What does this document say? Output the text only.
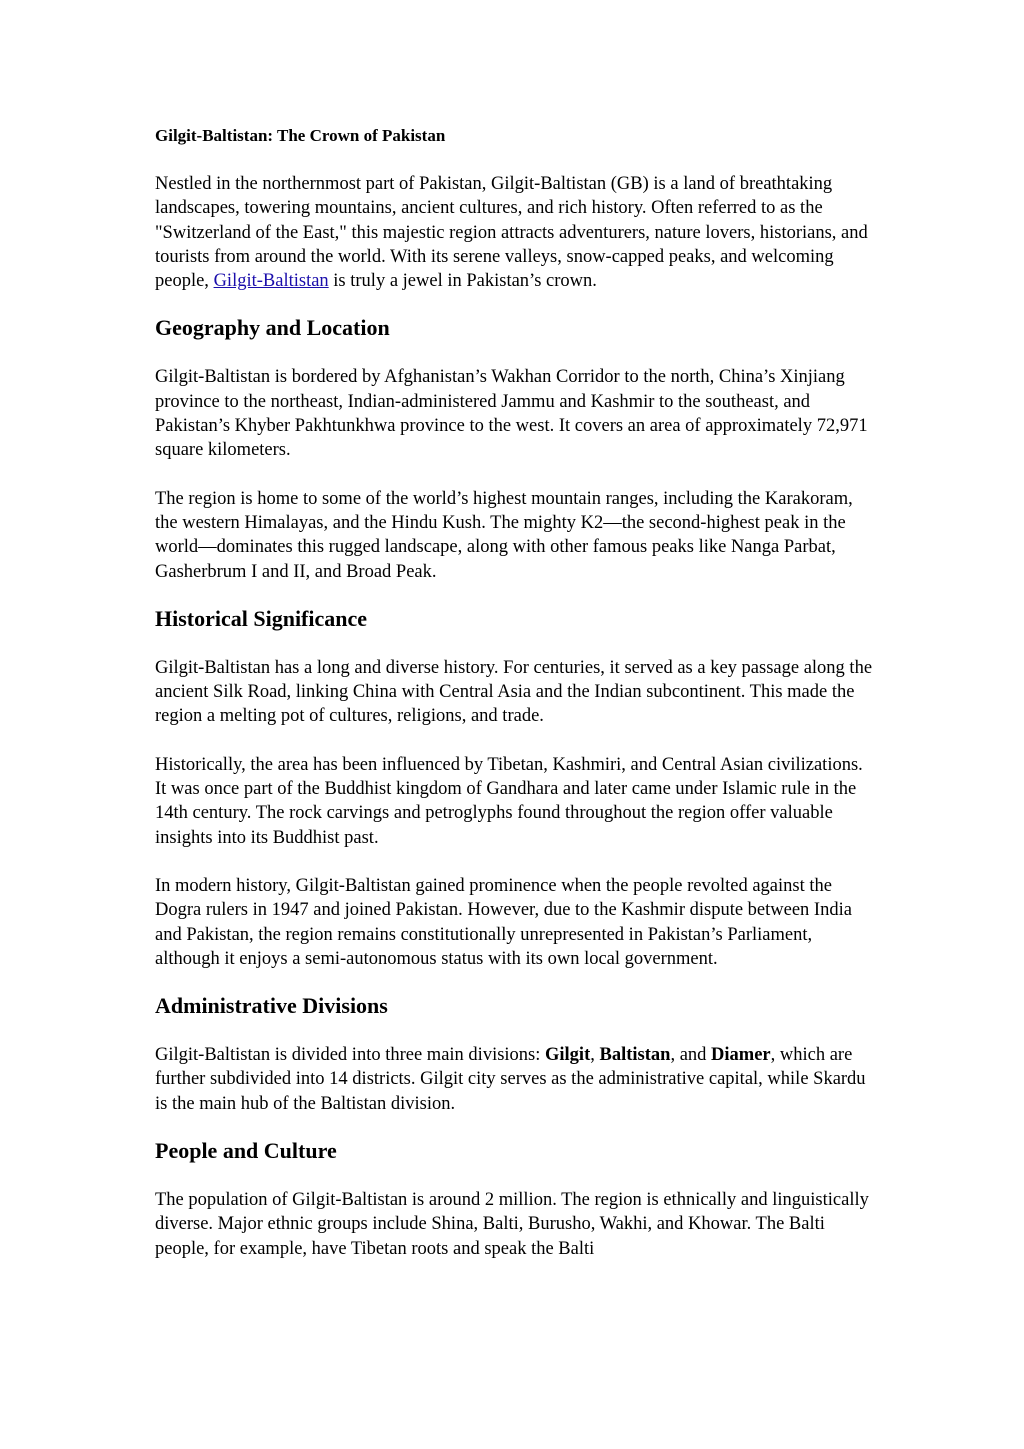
Gilgit-Baltistan: The Crown of Pakistan

Nestled in the northernmost part of Pakistan, Gilgit-Baltistan (GB) is a land of breathtaking landscapes, towering mountains, ancient cultures, and rich history. Often referred to as the "Switzerland of the East," this majestic region attracts adventurers, nature lovers, historians, and tourists from around the world. With its serene valleys, snow-capped peaks, and welcoming people, Gilgit-Baltistan is truly a jewel in Pakistan’s crown.

Geography and Location

Gilgit-Baltistan is bordered by Afghanistan’s Wakhan Corridor to the north, China’s Xinjiang province to the northeast, Indian-administered Jammu and Kashmir to the southeast, and Pakistan’s Khyber Pakhtunkhwa province to the west. It covers an area of approximately 72,971 square kilometers.

The region is home to some of the world’s highest mountain ranges, including the Karakoram, the western Himalayas, and the Hindu Kush. The mighty K2—the second-highest peak in the world—dominates this rugged landscape, along with other famous peaks like Nanga Parbat, Gasherbrum I and II, and Broad Peak.

Historical Significance

Gilgit-Baltistan has a long and diverse history. For centuries, it served as a key passage along the ancient Silk Road, linking China with Central Asia and the Indian subcontinent. This made the region a melting pot of cultures, religions, and trade.

Historically, the area has been influenced by Tibetan, Kashmiri, and Central Asian civilizations. It was once part of the Buddhist kingdom of Gandhara and later came under Islamic rule in the 14th century. The rock carvings and petroglyphs found throughout the region offer valuable insights into its Buddhist past.

In modern history, Gilgit-Baltistan gained prominence when the people revolted against the Dogra rulers in 1947 and joined Pakistan. However, due to the Kashmir dispute between India and Pakistan, the region remains constitutionally unrepresented in Pakistan’s Parliament, although it enjoys a semi-autonomous status with its own local government.

Administrative Divisions

Gilgit-Baltistan is divided into three main divisions: Gilgit, Baltistan, and Diamer, which are further subdivided into 14 districts. Gilgit city serves as the administrative capital, while Skardu is the main hub of the Baltistan division.

People and Culture

The population of Gilgit-Baltistan is around 2 million. The region is ethnically and linguistically diverse. Major ethnic groups include Shina, Balti, Burusho, Wakhi, and Khowar. The Balti people, for example, have Tibetan roots and speak the Balti
